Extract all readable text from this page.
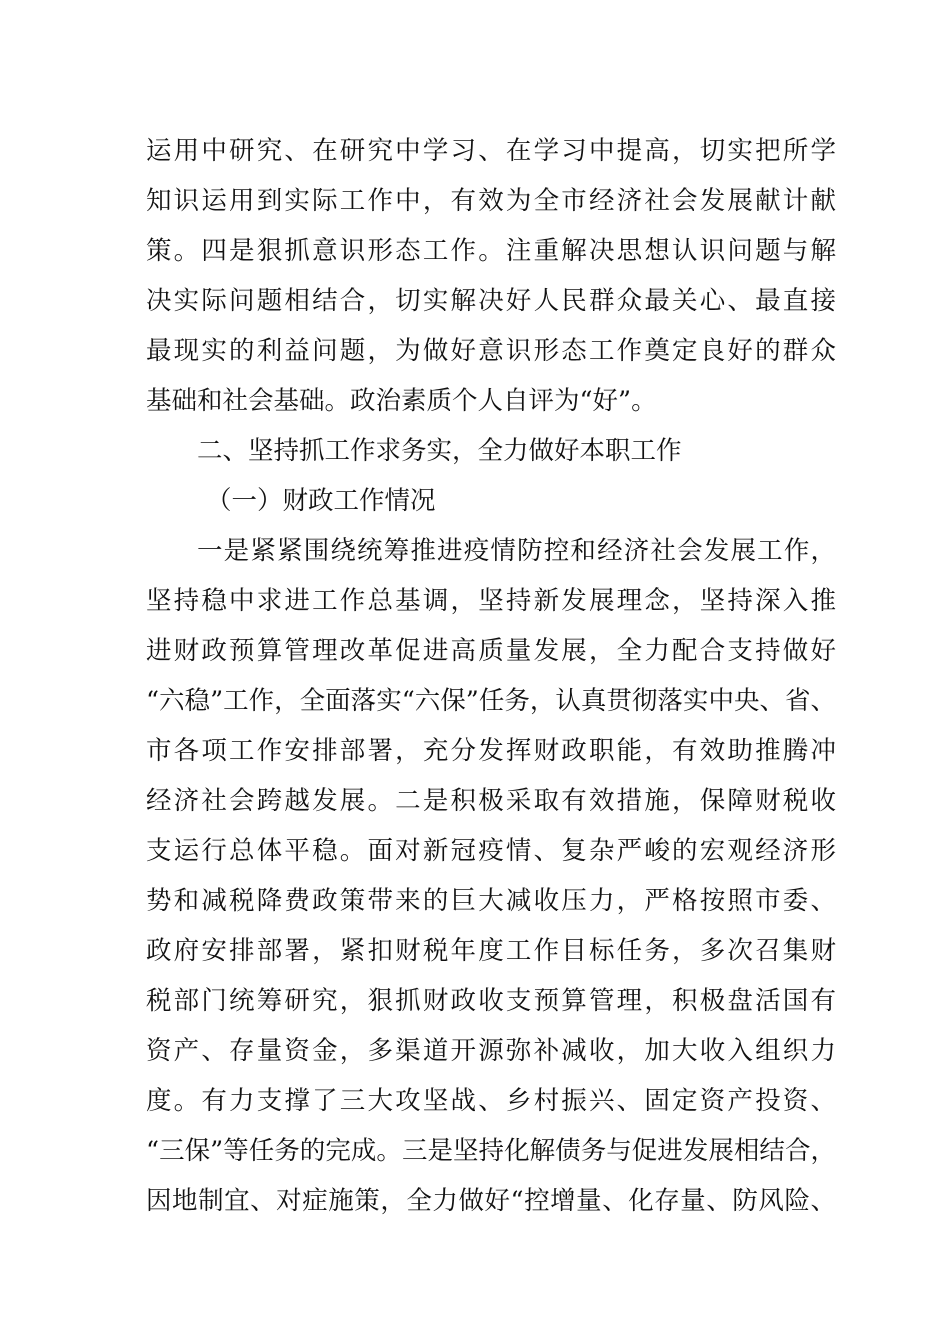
运用中研究、在研究中学习、在学习中提高，切实把所学
知识运用到实际工作中，有效为全市经济社会发展献计献
策。四是狠抓意识形态工作。注重解决思想认识问题与解
决实际问题相结合，切实解决好人民群众最关心、最直接
最现实的利益问题，为做好意识形态工作奠定良好的群众
基础和社会基础。政治素质个人自评为“好”。
二、坚持抓工作求务实，全力做好本职工作
（一）财政工作情况
一是紧紧围绕统筹推进疫情防控和经济社会发展工作，
坚持稳中求进工作总基调，坚持新发展理念，坚持深入推
进财政预算管理改革促进高质量发展，全力配合支持做好
“六稳”工作，全面落实“六保”任务，认真贯彻落实中央、省、
市各项工作安排部署，充分发挥财政职能，有效助推腾冲
经济社会跨越发展。二是积极采取有效措施，保障财税收
支运行总体平稳。面对新冠疫情、复杂严峻的宏观经济形
势和减税降费政策带来的巨大减收压力，严格按照市委、
政府安排部署，紧扣财税年度工作目标任务，多次召集财
税部门统筹研究，狠抓财政收支预算管理，积极盘活国有
资产、存量资金，多渠道开源弥补减收，加大收入组织力
度。有力支撑了三大攻坚战、乡村振兴、固定资产投资、
“三保”等任务的完成。三是坚持化解债务与促进发展相结合，
因地制宜、对症施策，全力做好“控增量、化存量、防风险、
